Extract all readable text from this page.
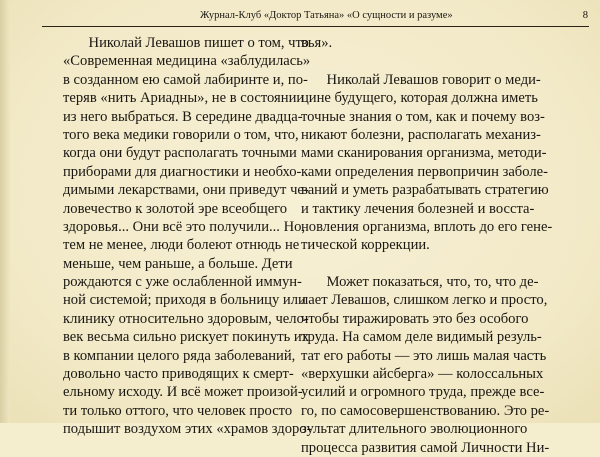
Журнал-Клуб «Доктор Татьяна» «О сущности и разуме»	8
Николай Левашов пишет о том, что
«Современная медицина «заблудилась»
в созданном ею самой лабиринте и, по-
теряв «нить Ариадны», не в состоянии
из него выбраться. В середине двадца-
того века медики говорили о том, что,
когда они будут располагать точными
приборами для диагностики и необхо-
димыми лекарствами, они приведут че-
ловечество к золотой эре всеобщего
здоровья... Они всё это получили... Но,
тем не менее, люди болеют отнюдь не
меньше, чем раньше, а больше. Дети
рождаются с уже ослабленной иммун-
ной системой; приходя в больницу или
клинику относительно здоровым, чело-
век весьма сильно рискует покинуть их
в компании целого ряда заболеваний,
довольно часто приводящих к смерт-
ельному исходу. И всё может произой-
ти только оттого, что человек просто
подышит воздухом этих «храмов здоро-
вья».
Николай Левашов говорит о меди-
цине будущего, которая должна иметь
точные знания о том, как и почему воз-
никают болезни, располагать механиз-
мами сканирования организма, методи-
ками определения первопричин заболе-
ваний и уметь разрабатывать стратегию
и тактику лечения болезней и восста-
новления организма, вплоть до его гене-
тической коррекции.
Может показаться, что, то, что де-
лает Левашов, слишком легко и просто,
чтобы тиражировать это без особого
труда. На самом деле видимый резуль-
тат его работы — это лишь малая часть
«верхушки айсберга» — колоссальных
усилий и огромного труда, прежде все-
го, по самосовершенствованию. Это ре-
зультат длительного эволюционного
процесса развития самой Личности Ни-
